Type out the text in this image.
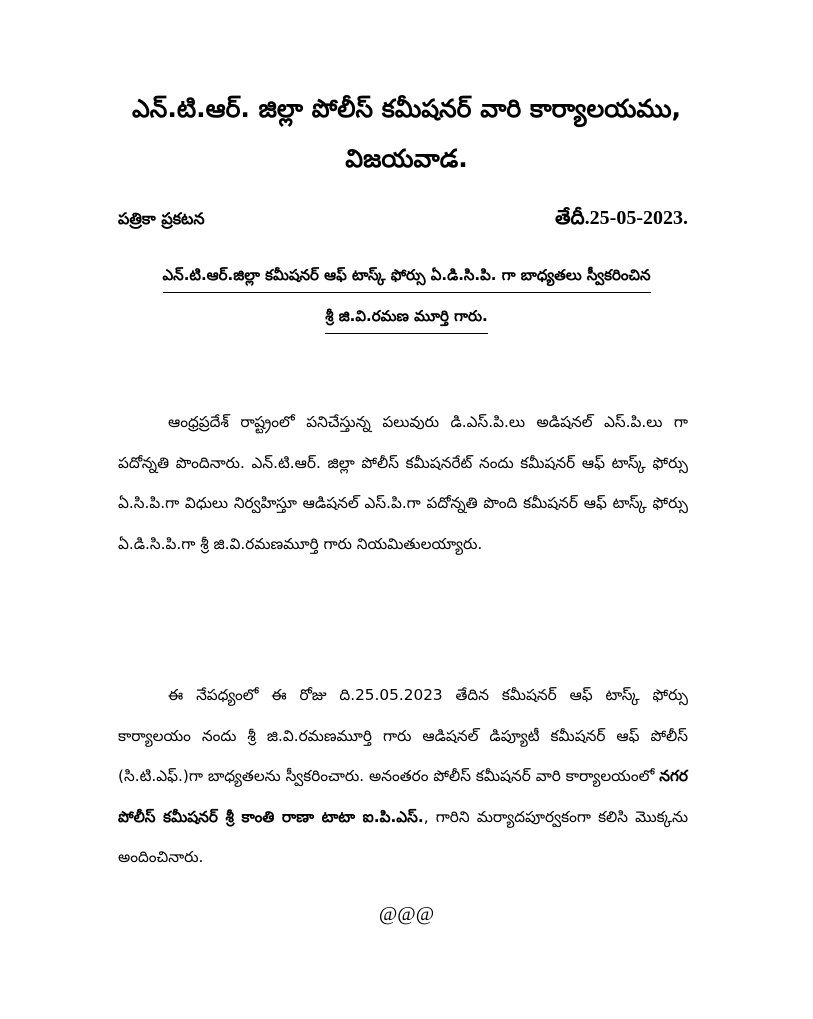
ఎన్.టి.ఆర్. జిల్లా పోలీస్ కమీషనర్ వారి కార్యాలయము,
విజయవాడ.
పత్రికా ప్రకటన	తేదీ.25-05-2023.
ఎన్.టి.ఆర్.జిల్లా కమీషనర్ ఆఫ్ టాస్క్ ఫోర్సు ఏ.డి.సి.పి. గా బాధ్యతలు స్వీకరించిన
శ్రీ జి.వి.రమణ మూర్తి గారు.
ఆంధ్రప్రదేశ్ రాష్ట్రంలో పనిచేస్తున్న పలువురు డి.ఎస్.పి.లు అడిషనల్ ఎస్.పి.లు గా పదోన్నతి పొందినారు. ఎన్.టి.ఆర్. జిల్లా పోలీస్ కమీషనరేట్ నందు కమీషనర్ ఆఫ్ టాస్క్ ఫోర్సు ఏ.సి.పి.గా విధులు నిర్వహిస్తూ ఆడిషనల్ ఎస్.పి.గా పదోన్నతి పొంది కమీషనర్ ఆఫ్ టాస్క్ ఫోర్సు ఏ.డి.సి.పి.గా శ్రీ జి.వి.రమణమూర్తి గారు నియమితులయ్యారు.
ఈ నేపధ్యంలో ఈ రోజు ది.25.05.2023 తేదిన కమీషనర్ ఆఫ్ టాస్క్ ఫోర్సు కార్యాలయం నందు శ్రీ జి.వి.రమణమూర్తి గారు ఆడిషనల్ డిప్యూటీ కమీషనర్ ఆఫ్ పోలీస్ (సి.టి.ఎఫ్.)గా బాధ్యతలను స్వీకరించారు. అనంతరం పోలీస్ కమీషనర్ వారి కార్యాలయంలో నగర పోలీస్ కమీషనర్ శ్రీ కాంతి రాణా టాటా ఐ.పి.ఎస్., గారిని మర్యాదపూర్వకంగా కలిసి మొక్కను అందించినారు.
@@@
